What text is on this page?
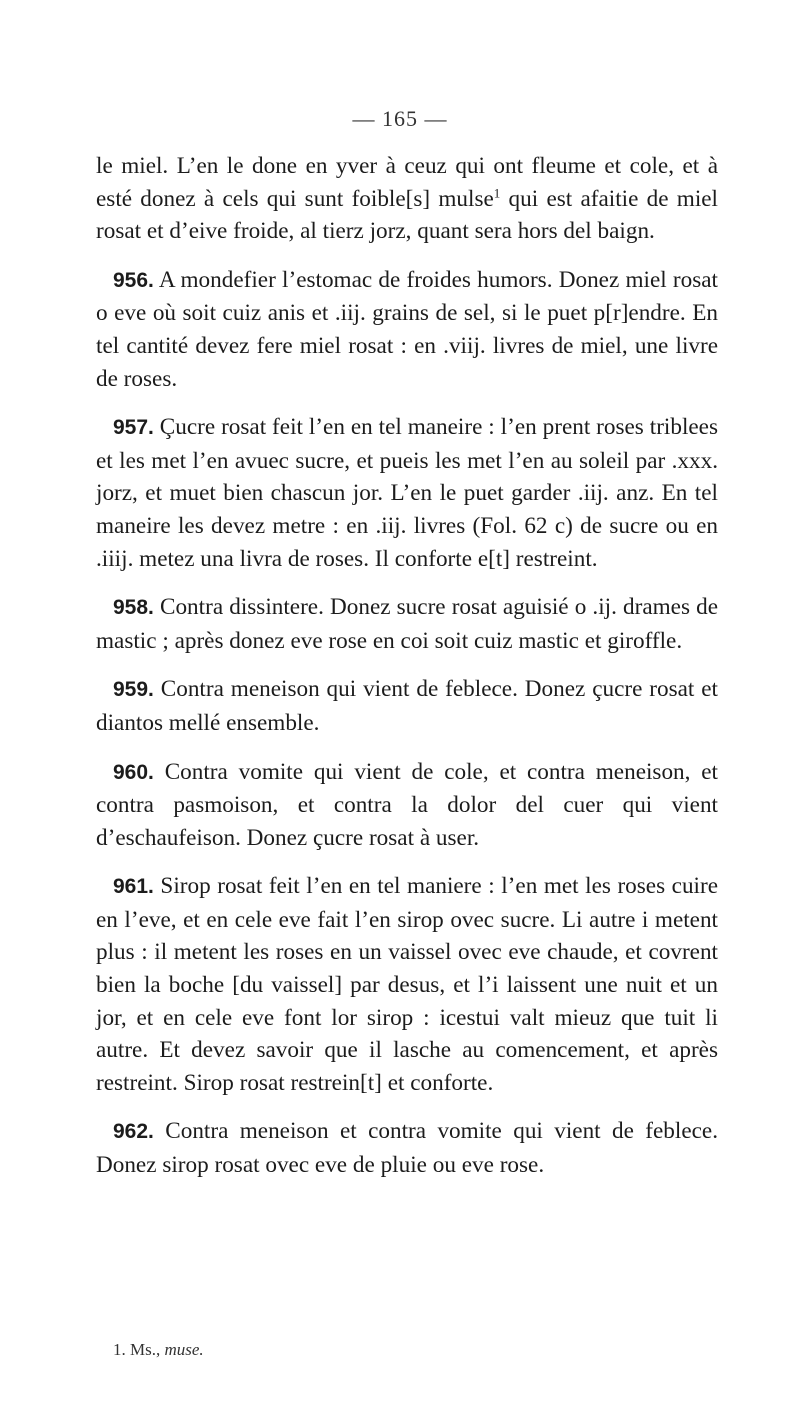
— 165 —

le miel. L’en le done en yver à ceuz qui ont fleume et cole, et à esté donez à cels qui sunt foible[s] mulse$^1$ qui est afaitie de miel rosat et d’eive froide, al tierz jorz, quant sera hors del baign.

956. A mondefier l’estomac de froides humors. Donez miel rosat o eve où soit cuiz anis et .iij. grains de sel, si le puet p[r]endre. En tel cantité devez fere miel rosat : en .viij. livres de miel, une livre de roses.

957. Çucre rosat feit l’en en tel maneire : l’en prent roses triblees et les met l’en avuec sucre, et pueis les met l’en au soleil par .xxx. jorz, et muet bien chascun jor. L’en le puet garder .iij. anz. En tel maneire les devez metre : en .iij. livres (Fol. 62 c) de sucre ou en .iiij. metez una livra de roses. Il conforte e[t] restreint.

958. Contra dissintere. Donez sucre rosat aguisié o .ij. drames de mastic ; après donez eve rose en coi soit cuiz mastic et giroffle.

959. Contra meneison qui vient de feblece. Donez çucre rosat et diantos mellé ensemble.

960. Contra vomite qui vient de cole, et contra meneison, et contra pasmoison, et contra la dolor del cuer qui vient d’eschaufeison. Donez çucre rosat à user.

961. Sirop rosat feit l’en en tel maniere : l’en met les roses cuire en l’eve, et en cele eve fait l’en sirop ovec sucre. Li autre i metent plus : il metent les roses en un vaissel ovec eve chaude, et covrent bien la boche [du vaissel] par desus, et l’i laissent une nuit et un jor, et en cele eve font lor sirop : icestui valt mieuz que tuit li autre. Et devez savoir que il lasche au comencement, et après restreint. Sirop rosat restrein[t] et conforte.

962. Contra meneison et contra vomite qui vient de feblece. Donez sirop rosat ovec eve de pluie ou eve rose.

1. Ms., muse.
